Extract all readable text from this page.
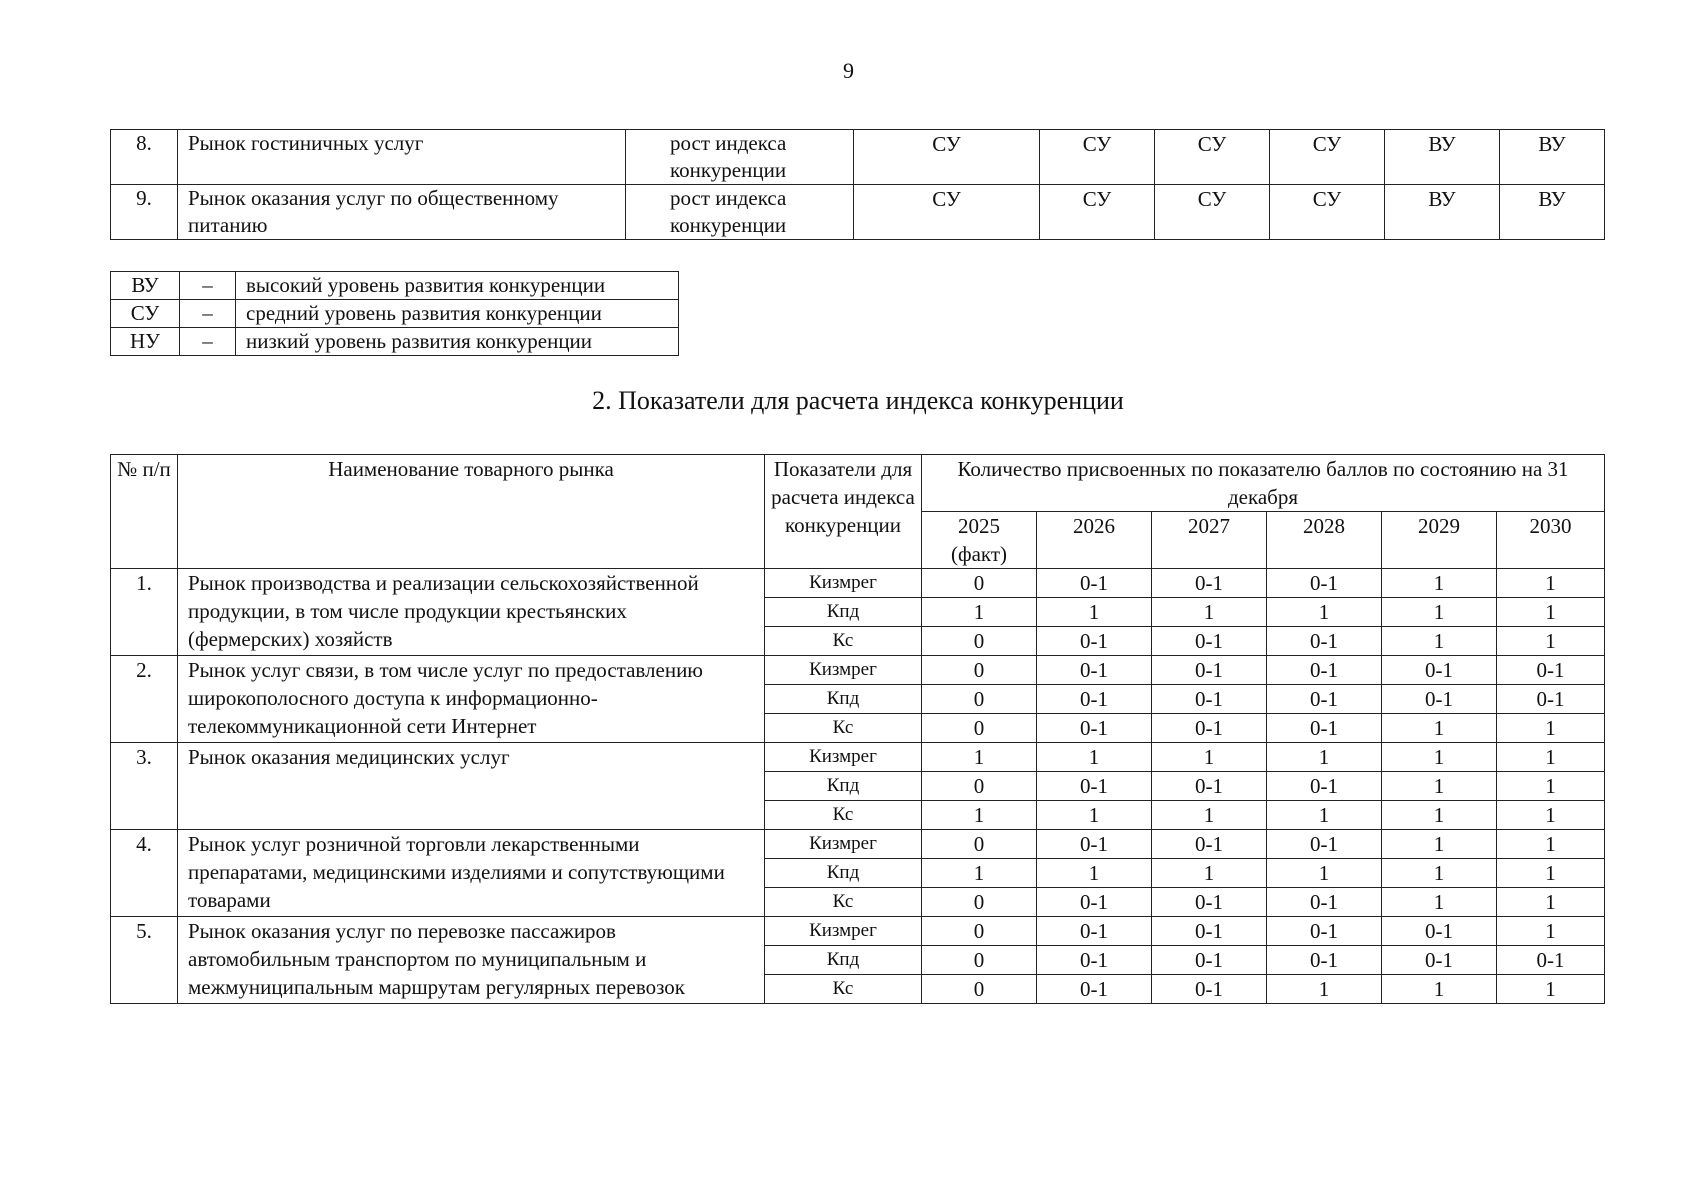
9
8.	Рынок гостиничных услуг	рост индекса конкуренции	СУ	СУ	СУ	СУ	ВУ	ВУ
9.	Рынок оказания услуг по общественному питанию	рост индекса конкуренции	СУ	СУ	СУ	СУ	ВУ	ВУ
ВУ	–	высокий уровень развития конкуренции
СУ	–	средний уровень развития конкуренции
НУ	–	низкий уровень развития конкуренции
2. Показатели для расчета индекса конкуренции
№ п/п	Наименование товарного рынка	Показатели для расчета индекса конкуренции	Количество присвоенных по показателю баллов по состоянию на 31 декабря					
			2025 (факт)	2026	2027	2028	2029	2030
1.	Рынок производства и реализации сельскохозяйственной продукции, в том числе продукции крестьянских (фермерских) хозяйств	Кизмрег	0	0-1	0-1	0-1	1	1
		Кпд	1	1	1	1	1	1
		Кс	0	0-1	0-1	0-1	1	1
2.	Рынок услуг связи, в том числе услуг по предоставлению широкополосного доступа к информационно-телекоммуникационной сети Интернет	Кизмрег	0	0-1	0-1	0-1	0-1	0-1
		Кпд	0	0-1	0-1	0-1	0-1	0-1
		Кс	0	0-1	0-1	0-1	1	1
3.	Рынок оказания медицинских услуг	Кизмрег	1	1	1	1	1	1
		Кпд	0	0-1	0-1	0-1	1	1
		Кс	1	1	1	1	1	1
4.	Рынок услуг розничной торговли лекарственными препаратами, медицинскими изделиями и сопутствующими товарами	Кизмрег	0	0-1	0-1	0-1	1	1
		Кпд	1	1	1	1	1	1
		Кс	0	0-1	0-1	0-1	1	1
5.	Рынок оказания услуг по перевозке пассажиров автомобильным транспортом по муниципальным и межмуниципальным маршрутам регулярных перевозок	Кизмрег	0	0-1	0-1	0-1	0-1	1
		Кпд	0	0-1	0-1	0-1	0-1	0-1
		Кс	0	0-1	0-1	1	1	1
